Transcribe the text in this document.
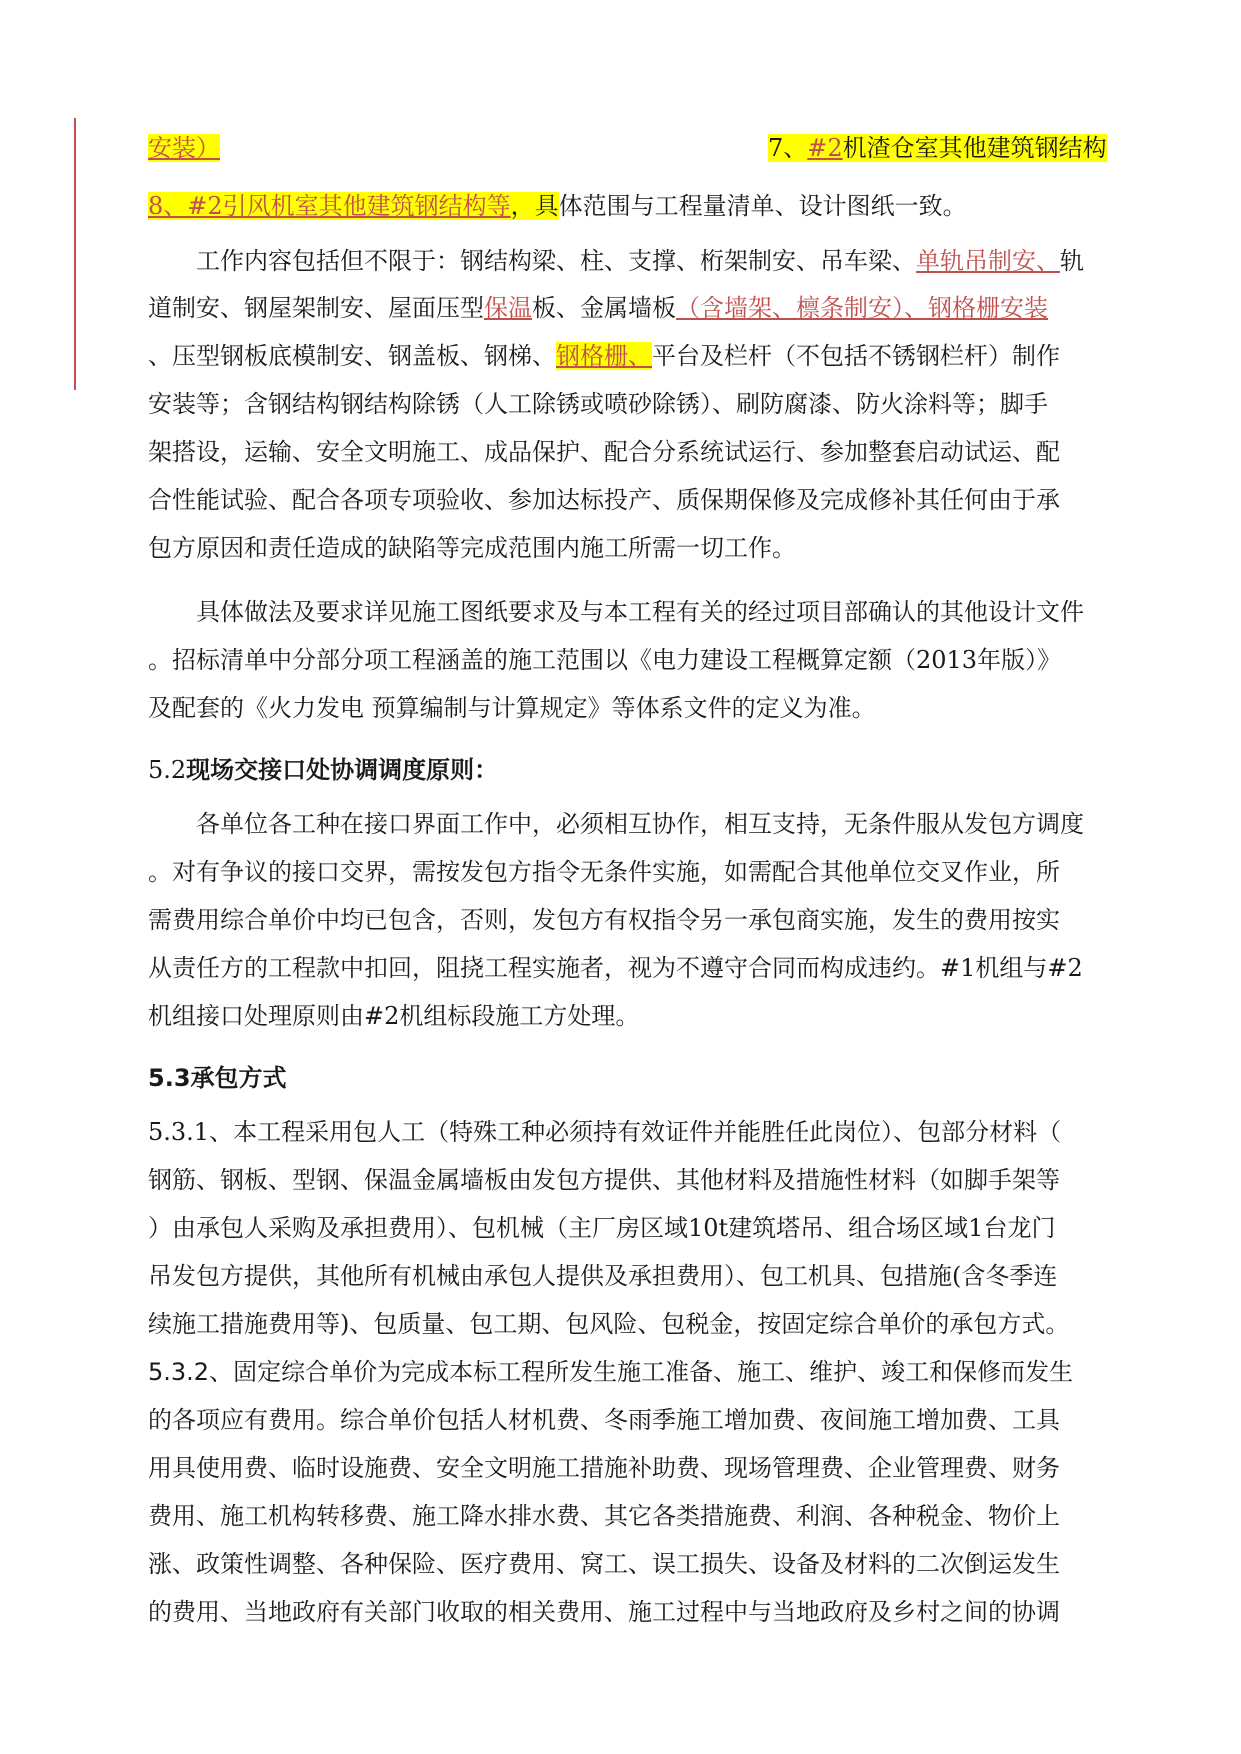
安装）	7、#2机渣仓室其他建筑钢结构
8、#2引风机室其他建筑钢结构等，具体范围与工程量清单、设计图纸一致。
工作内容包括但不限于：钢结构梁、柱、支撑、桁架制安、吊车梁、单轨吊制安、轨
道制安、钢屋架制安、屋面压型保温板、金属墙板（含墙架、檩条制安）、钢格栅安装
、压型钢板底模制安、钢盖板、钢梯、钢格栅、平台及栏杆（不包括不锈钢栏杆）制作
安装等；含钢结构钢结构除锈（人工除锈或喷砂除锈）、刷防腐漆、防火涂料等；脚手
架搭设，运输、安全文明施工、成品保护、配合分系统试运行、参加整套启动试运、配
合性能试验、配合各项专项验收、参加达标投产、质保期保修及完成修补其任何由于承
包方原因和责任造成的缺陷等完成范围内施工所需一切工作。
具体做法及要求详见施工图纸要求及与本工程有关的经过项目部确认的其他设计文件
。招标清单中分部分项工程涵盖的施工范围以《电力建设工程概算定额（2013年版）》
及配套的《火力发电 预算编制与计算规定》等体系文件的定义为准。
5.2现场交接口处协调调度原则：
各单位各工种在接口界面工作中，必须相互协作，相互支持，无条件服从发包方调度
。对有争议的接口交界，需按发包方指令无条件实施，如需配合其他单位交叉作业，所
需费用综合单价中均已包含，否则，发包方有权指令另一承包商实施，发生的费用按实
从责任方的工程款中扣回，阻挠工程实施者，视为不遵守合同而构成违约。#1机组与#2
机组接口处理原则由#2机组标段施工方处理。
5.3承包方式
5.3.1、本工程采用包人工（特殊工种必须持有效证件并能胜任此岗位）、包部分材料（
钢筋、钢板、型钢、保温金属墙板由发包方提供、其他材料及措施性材料（如脚手架等
）由承包人采购及承担费用）、包机械（主厂房区域10t建筑塔吊、组合场区域1台龙门
吊发包方提供，其他所有机械由承包人提供及承担费用）、包工机具、包措施(含冬季连
续施工措施费用等)、包质量、包工期、包风险、包税金，按固定综合单价的承包方式。
5.3.2、固定综合单价为完成本标工程所发生施工准备、施工、维护、竣工和保修而发生
的各项应有费用。综合单价包括人材机费、冬雨季施工增加费、夜间施工增加费、工具
用具使用费、临时设施费、安全文明施工措施补助费、现场管理费、企业管理费、财务
费用、施工机构转移费、施工降水排水费、其它各类措施费、利润、各种税金、物价上
涨、政策性调整、各种保险、医疗费用、窝工、误工损失、设备及材料的二次倒运发生
的费用、当地政府有关部门收取的相关费用、施工过程中与当地政府及乡村之间的协调
